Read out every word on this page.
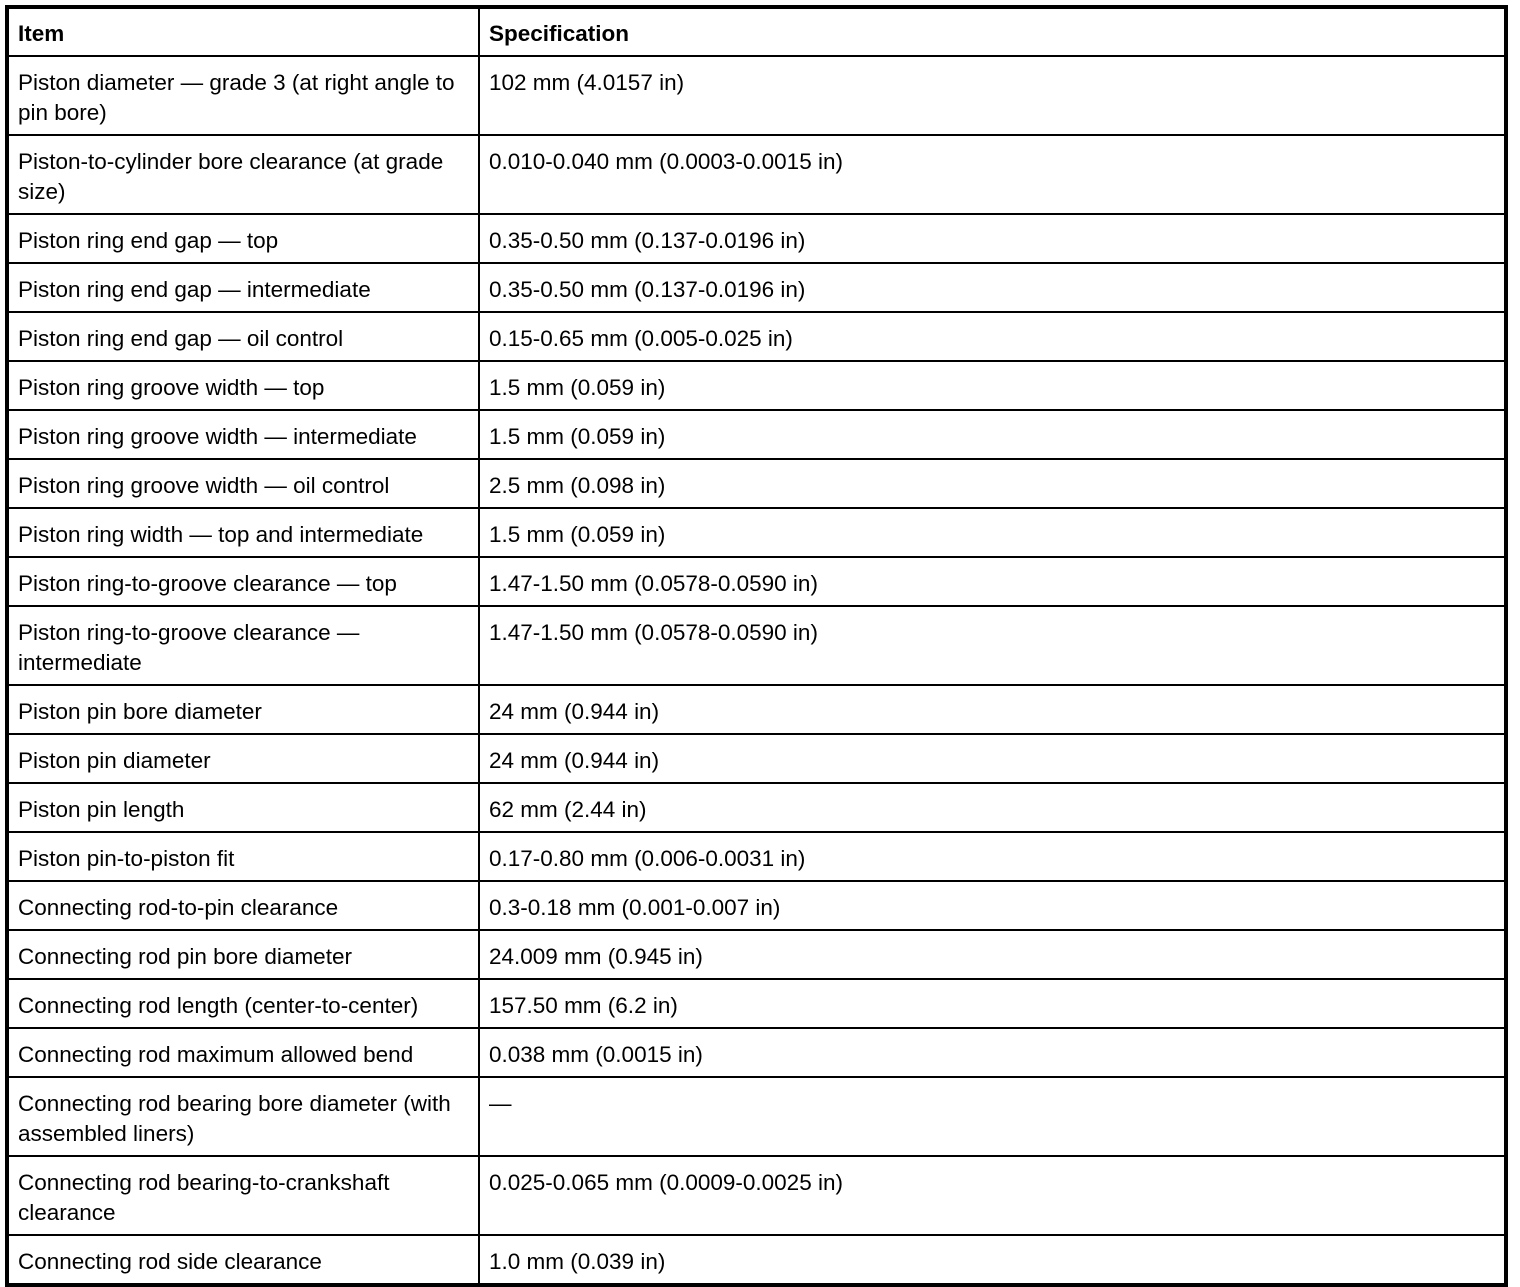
Item	Specification
Piston diameter — grade 3 (at right angle to pin bore)	102 mm (4.0157 in)
Piston-to-cylinder bore clearance (at grade size)	0.010-0.040 mm (0.0003-0.0015 in)
Piston ring end gap — top	0.35-0.50 mm (0.137-0.0196 in)
Piston ring end gap — intermediate	0.35-0.50 mm (0.137-0.0196 in)
Piston ring end gap — oil control	0.15-0.65 mm (0.005-0.025 in)
Piston ring groove width — top	1.5 mm (0.059 in)
Piston ring groove width — intermediate	1.5 mm (0.059 in)
Piston ring groove width — oil control	2.5 mm (0.098 in)
Piston ring width — top and intermediate	1.5 mm (0.059 in)
Piston ring-to-groove clearance — top	1.47-1.50 mm (0.0578-0.0590 in)
Piston ring-to-groove clearance — intermediate	1.47-1.50 mm (0.0578-0.0590 in)
Piston pin bore diameter	24 mm (0.944 in)
Piston pin diameter	24 mm (0.944 in)
Piston pin length	62 mm (2.44 in)
Piston pin-to-piston fit	0.17-0.80 mm (0.006-0.0031 in)
Connecting rod-to-pin clearance	0.3-0.18 mm (0.001-0.007 in)
Connecting rod pin bore diameter	24.009 mm (0.945 in)
Connecting rod length (center-to-center)	157.50 mm (6.2 in)
Connecting rod maximum allowed bend	0.038 mm (0.0015 in)
Connecting rod bearing bore diameter (with assembled liners)	—
Connecting rod bearing-to-crankshaft clearance	0.025-0.065 mm (0.0009-0.0025 in)
Connecting rod side clearance	1.0 mm (0.039 in)
